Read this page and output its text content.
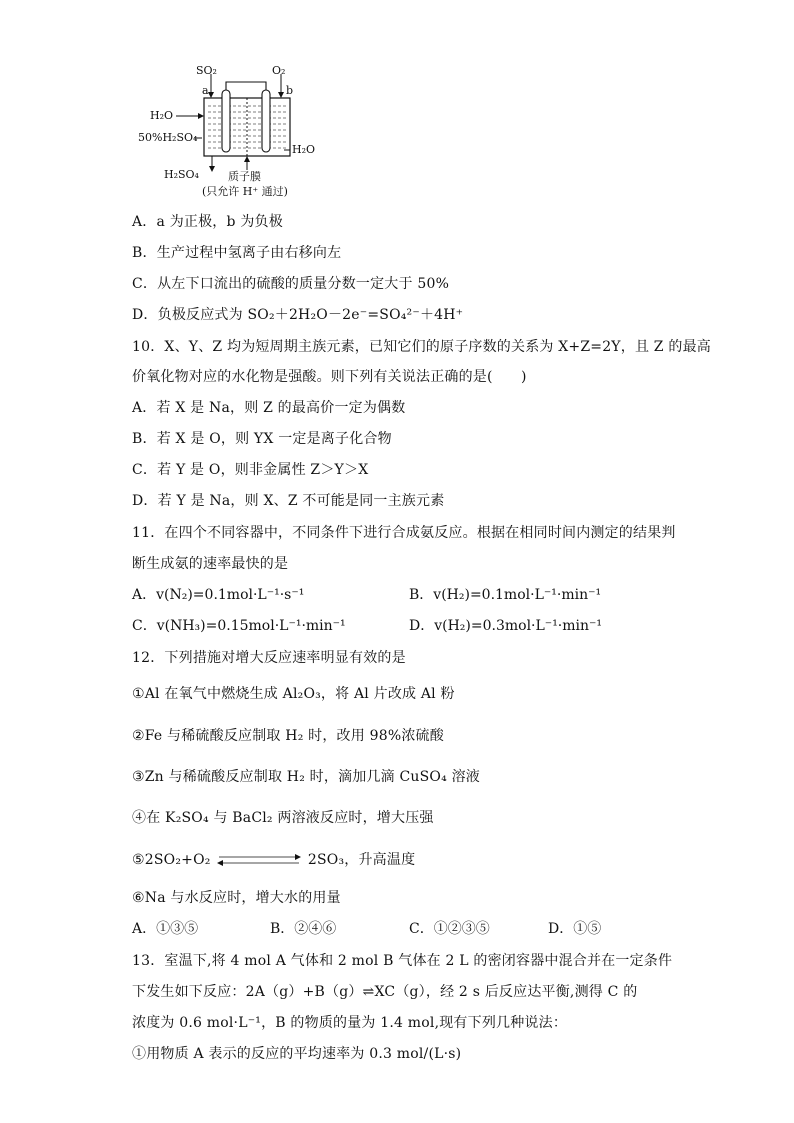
SO₂	O₂
a	b
H₂O
50%H₂SO₄
H₂O
H₂SO₄	质子膜
(只允许 H⁺ 通过)
A．a 为正极，b 为负极
B．生产过程中氢离子由右移向左
C．从左下口流出的硫酸的质量分数一定大于 50%
D．负极反应式为 SO₂＋2H₂O－2e⁻=SO₄²⁻＋4H⁺
10．X、Y、Z 均为短周期主族元素，已知它们的原子序数的关系为 X+Z=2Y，且 Z 的最高
价氧化物对应的水化物是强酸。则下列有关说法正确的是(　　)
A．若 X 是 Na，则 Z 的最高价一定为偶数
B．若 X 是 O，则 YX 一定是离子化合物
C．若 Y 是 O，则非金属性 Z＞Y＞X
D．若 Y 是 Na，则 X、Z 不可能是同一主族元素
11．在四个不同容器中，不同条件下进行合成氨反应。根据在相同时间内测定的结果判
断生成氨的速率最快的是
A．v(N₂)=0.1mol·L⁻¹·s⁻¹	B．v(H₂)=0.1mol·L⁻¹·min⁻¹
C．v(NH₃)=0.15mol·L⁻¹·min⁻¹	D．v(H₂)=0.3mol·L⁻¹·min⁻¹
12．下列措施对增大反应速率明显有效的是
①Al 在氧气中燃烧生成 Al₂O₃，将 Al 片改成 Al 粉
②Fe 与稀硫酸反应制取 H₂ 时，改用 98%浓硫酸
③Zn 与稀硫酸反应制取 H₂ 时，滴加几滴 CuSO₄ 溶液
④在 K₂SO₄ 与 BaCl₂ 两溶液反应时，增大压强
⑤2SO₂+O₂	2SO₃，升高温度
⑥Na 与水反应时，增大水的用量
A．①③⑤	B．②④⑥	C．①②③⑤	D．①⑤
13．室温下,将 4 mol A 气体和 2 mol B 气体在 2 L 的密闭容器中混合并在一定条件
下发生如下反应：2A（g）+B（g）⇌XC（g），经 2 s 后反应达平衡,测得 C 的
浓度为 0.6 mol·L⁻¹，B 的物质的量为 1.4 mol,现有下列几种说法：
①用物质 A 表示的反应的平均速率为 0.3 mol/(L·s)
